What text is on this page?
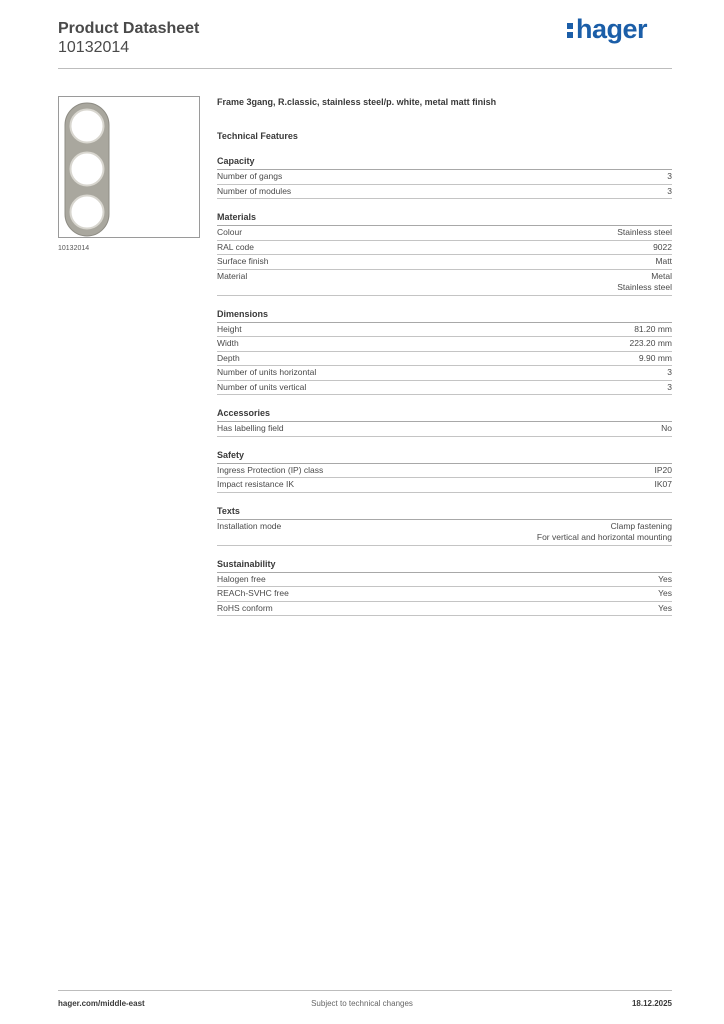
Product Datasheet
10132014
hager
10132014
Frame 3gang, R.classic, stainless steel/p. white, metal matt finish
Technical Features
Capacity
Number of gangs	3
Number of modules	3
Materials
Colour	Stainless steel
RAL code	9022
Surface finish	Matt
Material	Metal
Stainless steel
Dimensions
Height	81.20 mm
Width	223.20 mm
Depth	9.90 mm
Number of units horizontal	3
Number of units vertical	3
Accessories
Has labelling field	No
Safety
Ingress Protection (IP) class	IP20
Impact resistance IK	IK07
Texts
Installation mode	Clamp fastening
For vertical and horizontal mounting
Sustainability
Halogen free	Yes
REACh-SVHC free	Yes
RoHS conform	Yes
hager.com/middle-east	Subject to technical changes	18.12.2025
